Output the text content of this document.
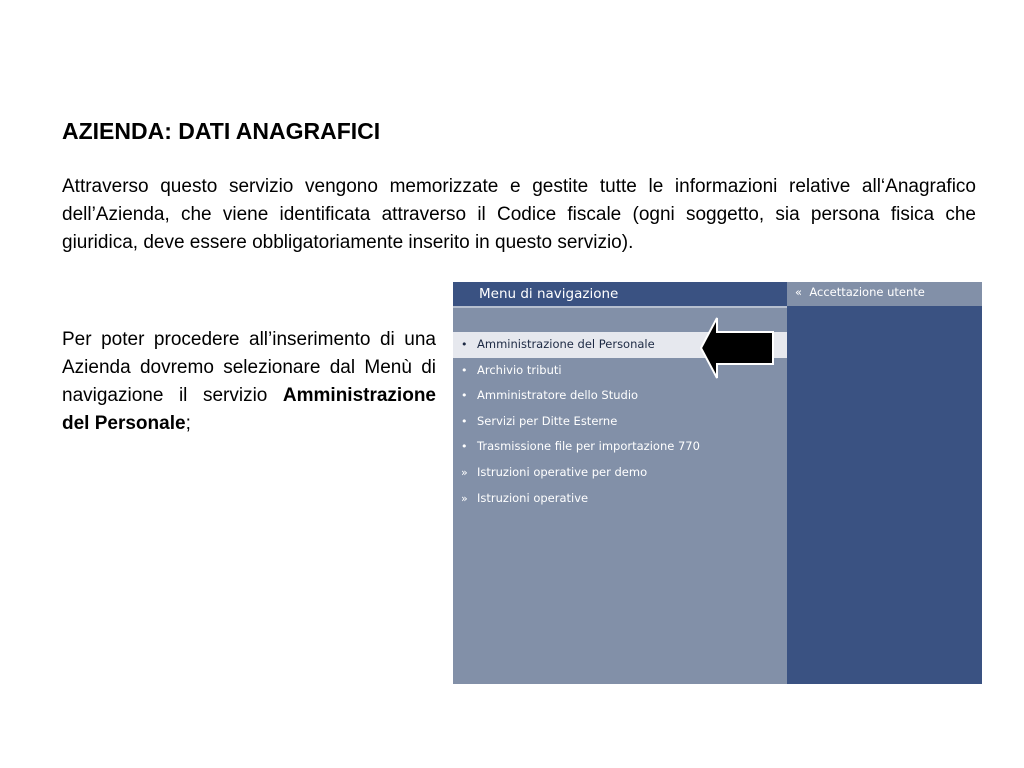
AZIENDA: DATI ANAGRAFICI

Attraverso questo servizio vengono memorizzate e gestite tutte le informazioni relative all‘Anagrafico dell’Azienda, che viene identificata attraverso il Codice fiscale (ogni soggetto, sia persona fisica che giuridica, deve essere obbligatoriamente inserito in questo servizio).

Per poter procedere all’inserimento di una Azienda dovremo selezionare dal Menù di navigazione il servizio Amministrazione del Personale;

Menu di navigazione
• Amministrazione del Personale
• Archivio tributi
• Amministratore dello Studio
• Servizi per Ditte Esterne
• Trasmissione file per importazione 770
» Istruzioni operative per demo
» Istruzioni operative
« Accettazione utente
